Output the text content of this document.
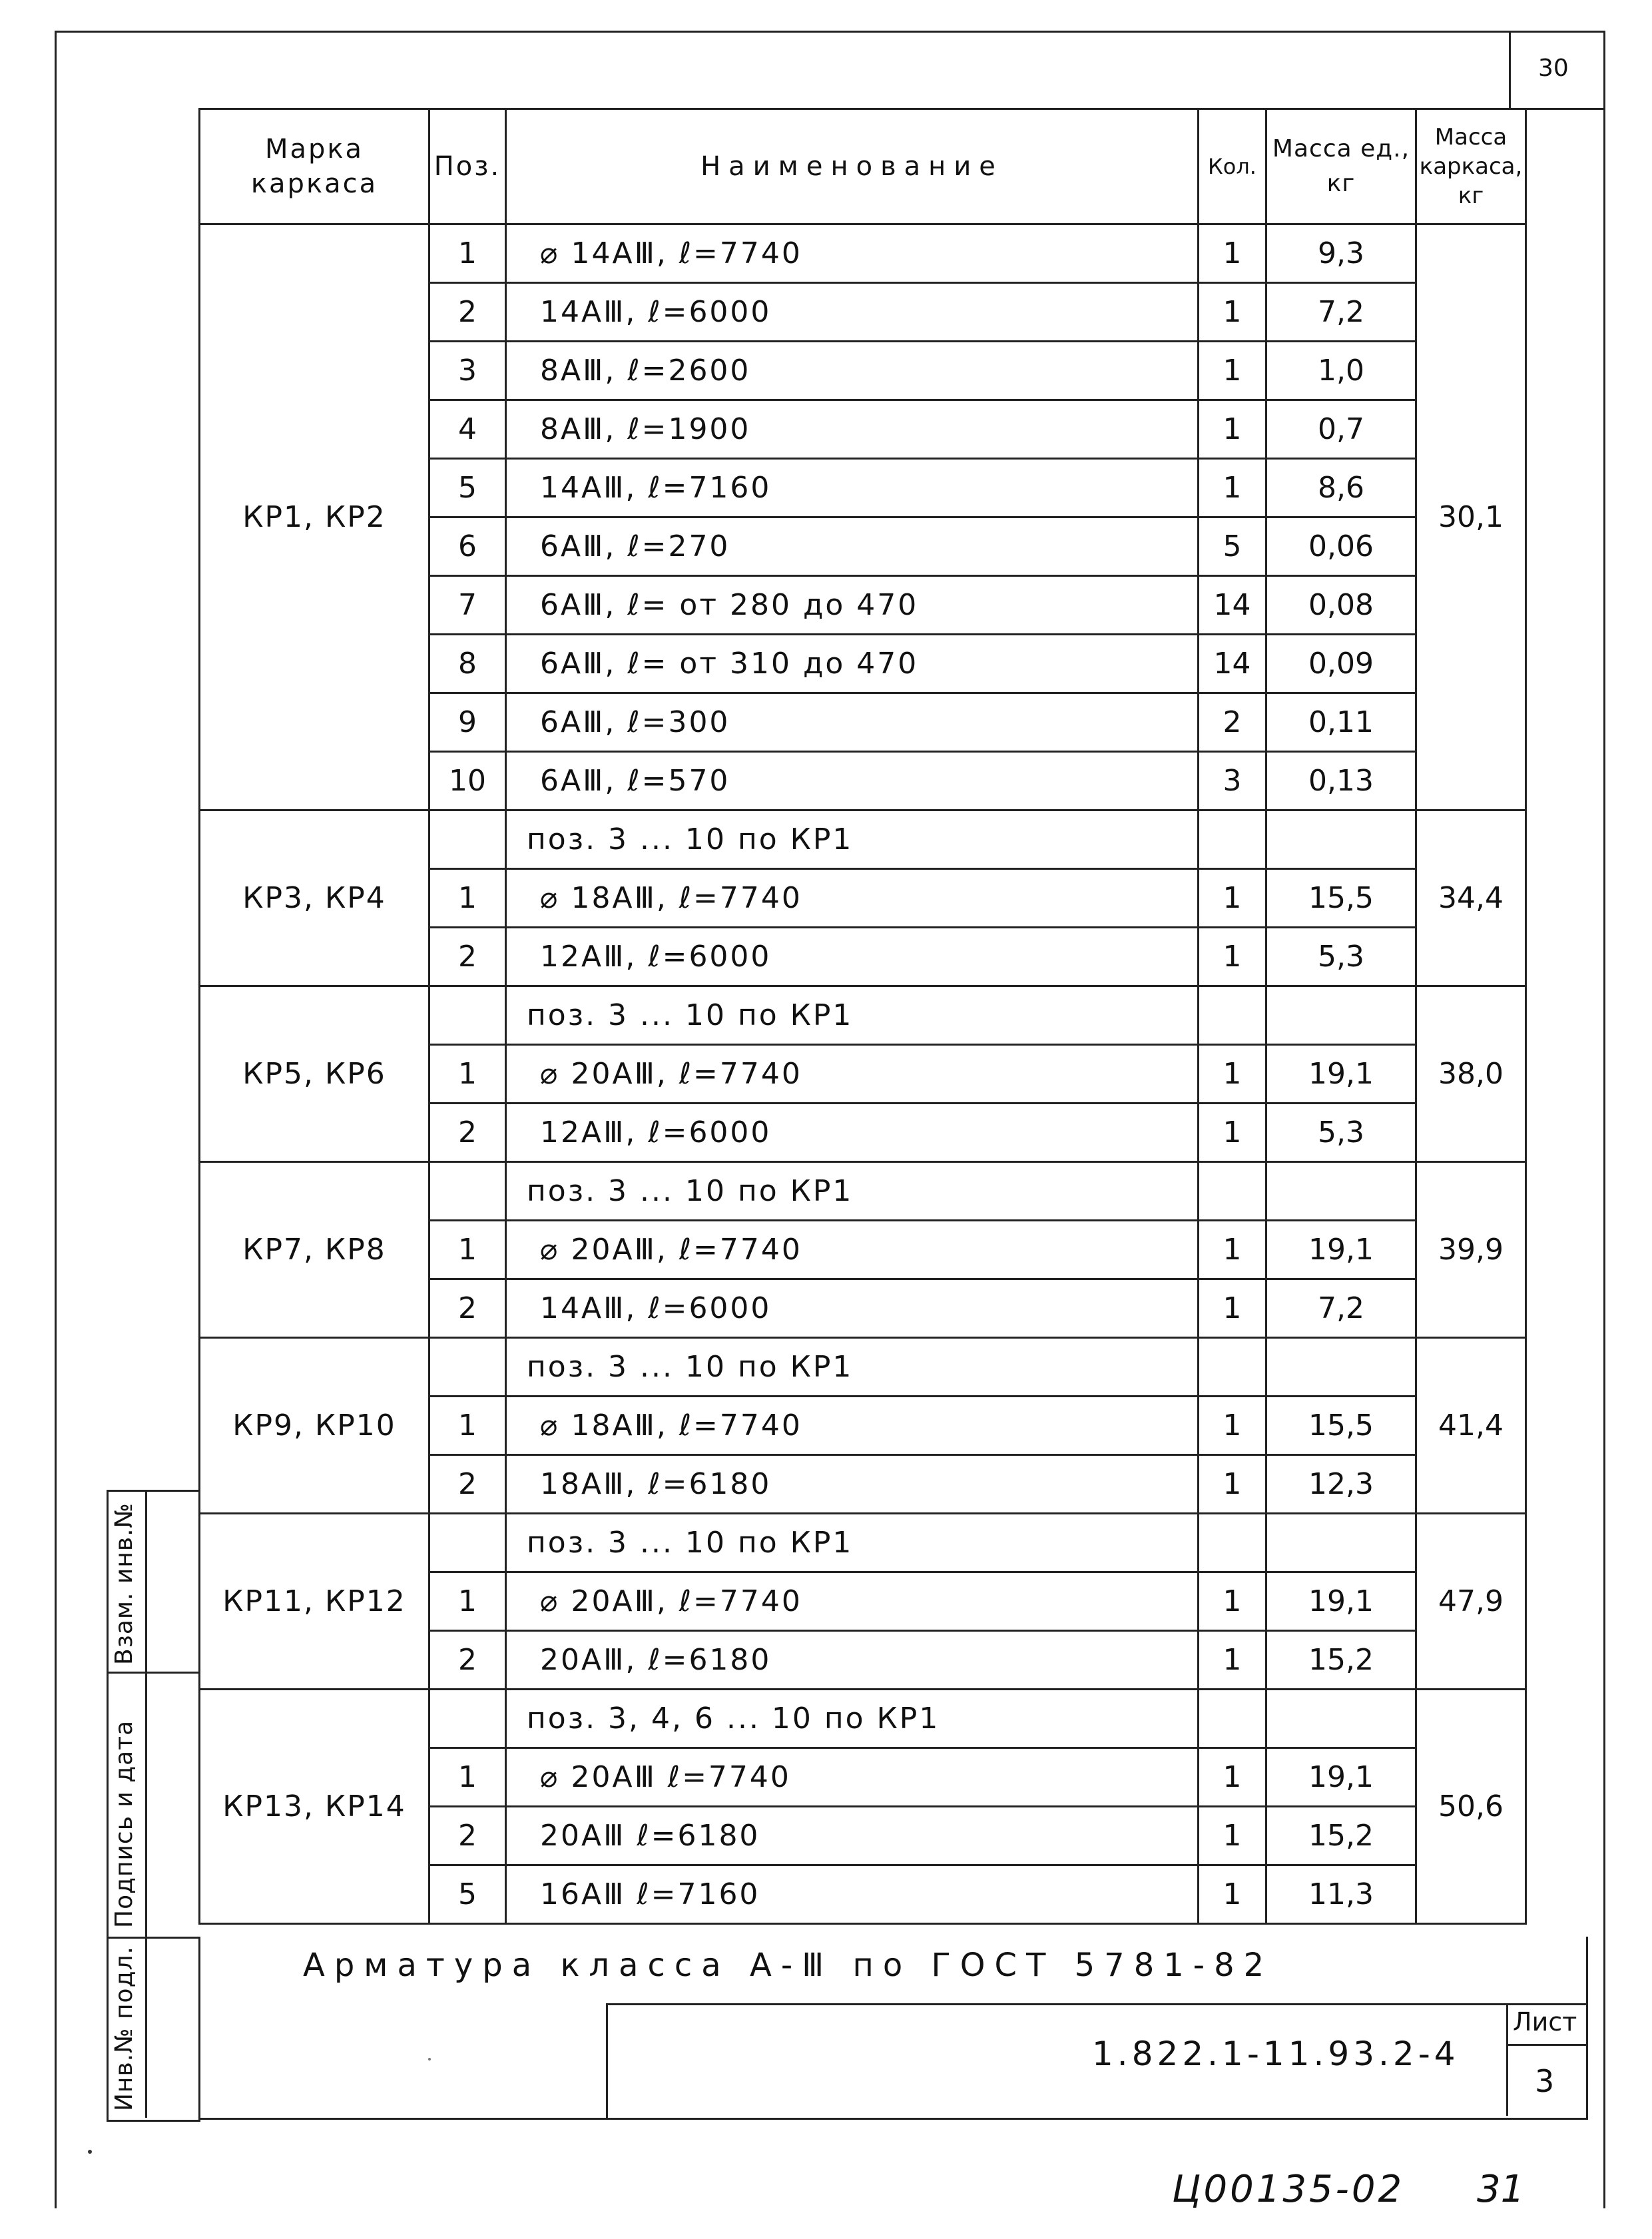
30
Марка каркаса	Поз.	Наименование	Кол.	Масса ед., кг	Масса каркаса, кг
КР1, КР2	1	⌀ 14АⅢ, ℓ=7740	1	9,3	30,1
	2	14АⅢ, ℓ=6000	1	7,2	
	3	8АⅢ, ℓ=2600	1	1,0	
	4	8АⅢ, ℓ=1900	1	0,7	
	5	14АⅢ, ℓ=7160	1	8,6	
	6	6АⅢ, ℓ=270	5	0,06	
	7	6АⅢ, ℓ= от 280 до 470	14	0,08	
	8	6АⅢ, ℓ= от 310 до 470	14	0,09	
	9	6АⅢ, ℓ=300	2	0,11	
	10	6АⅢ, ℓ=570	3	0,13	
КР3, КР4		поз. 3 ... 10 по КР1			34,4
	1	⌀ 18АⅢ, ℓ=7740	1	15,5	
	2	12АⅢ, ℓ=6000	1	5,3	
КР5, КР6		поз. 3 ... 10 по КР1			38,0
	1	⌀ 20АⅢ, ℓ=7740	1	19,1	
	2	12АⅢ, ℓ=6000	1	5,3	
КР7, КР8		поз. 3 ... 10 по КР1			39,9
	1	⌀ 20АⅢ, ℓ=7740	1	19,1	
	2	14АⅢ, ℓ=6000	1	7,2	
КР9, КР10		поз. 3 ... 10 по КР1			41,4
	1	⌀ 18АⅢ, ℓ=7740	1	15,5	
	2	18АⅢ, ℓ=6180	1	12,3	
КР11, КР12		поз. 3 ... 10 по КР1			47,9
	1	⌀ 20АⅢ, ℓ=7740	1	19,1	
	2	20АⅢ, ℓ=6180	1	15,2	
КР13, КР14		поз. 3, 4, 6 ... 10 по КР1			50,6
	1	⌀ 20АⅢ ℓ=7740	1	19,1	
	2	20АⅢ ℓ=6180	1	15,2	
	5	16АⅢ ℓ=7160	1	11,3	
Арматура класса А-Ⅲ по ГОСТ 5781-82
1.822.1-11.93.2-4
Лист
3
Взам. инв.№
Подпись и дата
Инв.№ подл.
Ц00135-02 31
